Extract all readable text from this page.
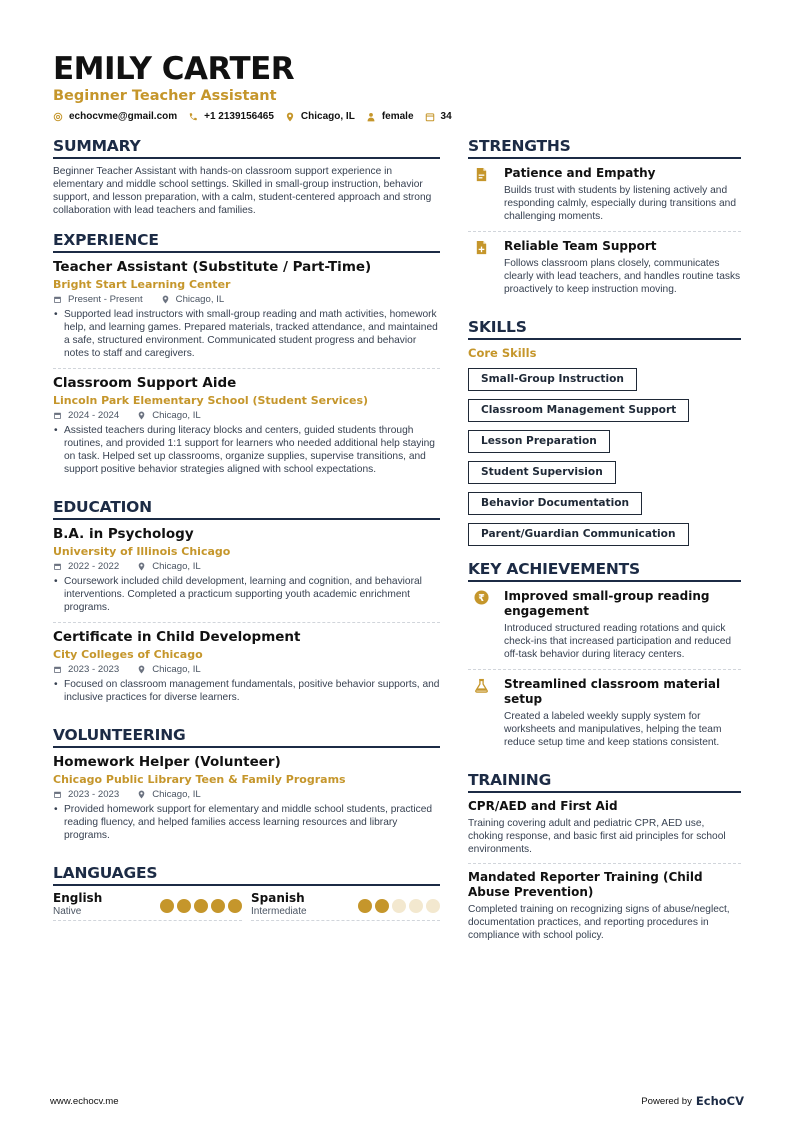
EMILY CARTER
Beginner Teacher Assistant
echocvme@gmail.com	+1 2139156465	Chicago, IL	female	34
SUMMARY
Beginner Teacher Assistant with hands-on classroom support experience in elementary and middle school settings. Skilled in small-group instruction, behavior support, and lesson preparation, with a calm, student-centered approach and strong collaboration with lead teachers and families.
EXPERIENCE
Teacher Assistant (Substitute / Part-Time)
Bright Start Learning Center
Present - Present	Chicago, IL
• Supported lead instructors with small-group reading and math activities, homework help, and learning games. Prepared materials, tracked attendance, and maintained a safe, structured environment. Communicated student progress and behavior notes to staff and caregivers.
Classroom Support Aide
Lincoln Park Elementary School (Student Services)
2024 - 2024	Chicago, IL
• Assisted teachers during literacy blocks and centers, guided students through routines, and provided 1:1 support for learners who needed additional help staying on task. Helped set up classrooms, organize supplies, supervise transitions, and support positive behavior strategies aligned with school expectations.
EDUCATION
B.A. in Psychology
University of Illinois Chicago
2022 - 2022	Chicago, IL
• Coursework included child development, learning and cognition, and behavioral interventions. Completed a practicum supporting youth academic enrichment programs.
Certificate in Child Development
City Colleges of Chicago
2023 - 2023	Chicago, IL
• Focused on classroom management fundamentals, positive behavior supports, and inclusive practices for diverse learners.
VOLUNTEERING
Homework Helper (Volunteer)
Chicago Public Library Teen & Family Programs
2023 - 2023	Chicago, IL
• Provided homework support for elementary and middle school students, practiced reading fluency, and helped families access learning resources and library programs.
LANGUAGES
English
Native
Spanish
Intermediate
STRENGTHS
Patience and Empathy
Builds trust with students by listening actively and responding calmly, especially during transitions and challenging moments.
Reliable Team Support
Follows classroom plans closely, communicates clearly with lead teachers, and handles routine tasks proactively to keep instruction moving.
SKILLS
Core Skills
Small-Group Instruction
Classroom Management Support
Lesson Preparation
Student Supervision
Behavior Documentation
Parent/Guardian Communication
KEY ACHIEVEMENTS
₹ Improved small-group reading engagement
Introduced structured reading rotations and quick check-ins that increased participation and reduced off-task behavior during literacy centers.
Streamlined classroom material setup
Created a labeled weekly supply system for worksheets and manipulatives, helping the team reduce setup time and keep stations consistent.
TRAINING
CPR/AED and First Aid
Training covering adult and pediatric CPR, AED use, choking response, and basic first aid principles for school environments.
Mandated Reporter Training (Child Abuse Prevention)
Completed training on recognizing signs of abuse/neglect, documentation practices, and reporting procedures in compliance with school policy.
www.echocv.me	Powered by EchoCV
